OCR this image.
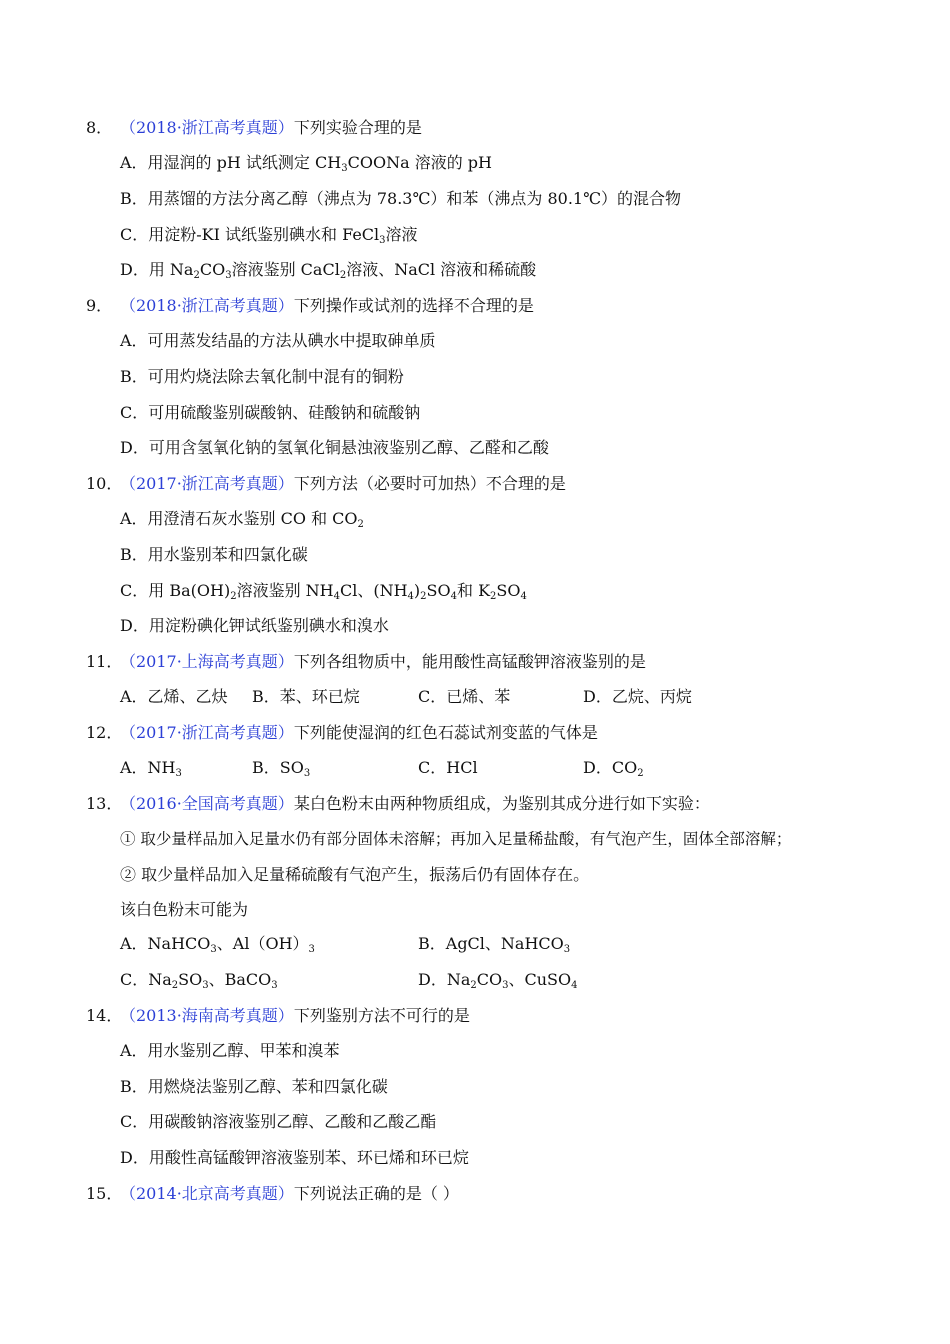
8． （2018·浙江高考真题）下列实验合理的是
A．用湿润的 pH 试纸测定 $CH_3COONa$ 溶液的 pH
B．用蒸馏的方法分离乙醇（沸点为 78.3℃）和苯（沸点为 80.1℃）的混合物
C．用淀粉-KI 试纸鉴别碘水和 FeCl$_3$溶液
D．用 $Na_2CO_3$溶液鉴别 CaCl$_2$溶液、NaCl 溶液和稀硫酸
9． （2018·浙江高考真题）下列操作或试剂的选择不合理的是
A．可用蒸发结晶的方法从碘水中提取砷单质
B．可用灼烧法除去氧化制中混有的铜粉
C．可用硫酸鉴别碳酸钠、硅酸钠和硫酸钠
D．可用含氢氧化钠的氢氧化铜悬浊液鉴别乙醇、乙醛和乙酸
10．
（2017·浙江高考真题）下列方法（必要时可加热）不合理的是
A．用澄清石灰水鉴别 CO 和 $CO_2$
B．用水鉴别苯和四氯化碳
C．用 $Ba(OH)_2$溶液鉴别 $NH_4Cl$、$(NH_4)_2SO_4$和 $K_2SO_4$
D．用淀粉碘化钾试纸鉴别碘水和溴水
11．
（2017·上海高考真题）下列各组物质中，能用酸性高锰酸钾溶液鉴别的是
A．乙烯、乙炔 B．苯、环已烷	C．已烯、苯	D．乙烷、丙烷
12．
（2017·浙江高考真题）下列能使湿润的红色石蕊试剂变蓝的气体是
A．$NH_3$	B．$SO_3$	C．HCl	D．$CO_2$
13．
（2016·全国高考真题）某白色粉末由两种物质组成，为鉴别其成分进行如下实验：
① 取少量样品加入足量水仍有部分固体未溶解；再加入足量稀盐酸，有气泡产生，固体全部溶解；
② 取少量样品加入足量稀硫酸有气泡产生，振荡后仍有固体存在。
该白色粉末可能为
A．NaHCO$_3$、$Al(OH)_3$	B．AgCl、NaHCO$_3$
C．$Na_2SO_3$、BaCO$_3$	D．$Na_2CO_3$、CuSO$_4$
14．
（2013·海南高考真题）下列鉴别方法不可行的是
A．用水鉴别乙醇、甲苯和溴苯
B．用燃烧法鉴别乙醇、苯和四氯化碳
C．用碳酸钠溶液鉴别乙醇、乙酸和乙酸乙酯
D．用酸性高锰酸钾溶液鉴别苯、环已烯和环已烷
15．
（2014·北京高考真题）下列说法正确的是（ ）
